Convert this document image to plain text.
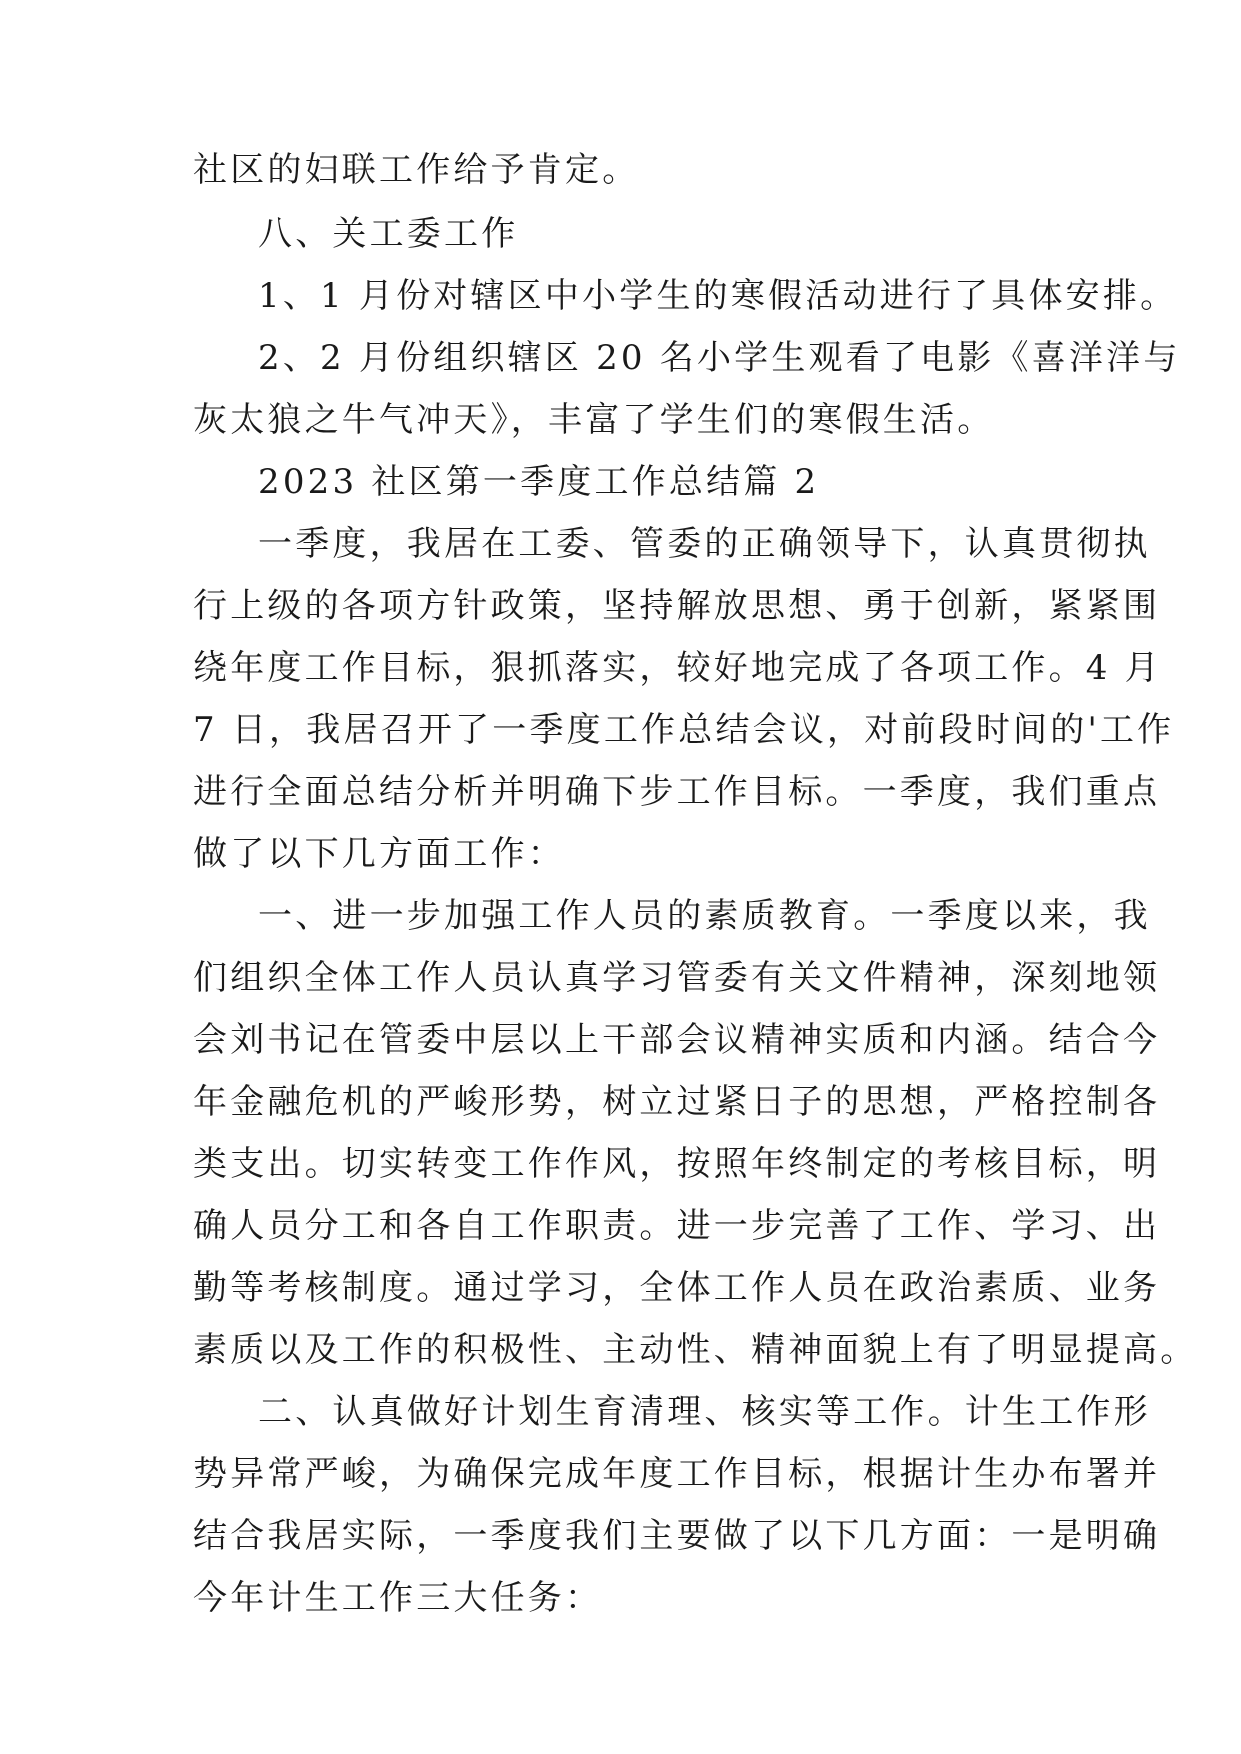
社区的妇联工作给予肯定。
八、关工委工作
1、1 月份对辖区中小学生的寒假活动进行了具体安排。
2、2 月份组织辖区 20 名小学生观看了电影《喜洋洋与
灰太狼之牛气冲天》，丰富了学生们的寒假生活。
2023 社区第一季度工作总结篇 2
一季度，我居在工委、管委的正确领导下，认真贯彻执
行上级的各项方针政策，坚持解放思想、勇于创新，紧紧围
绕年度工作目标，狠抓落实，较好地完成了各项工作。4 月
7 日，我居召开了一季度工作总结会议，对前段时间的'工作
进行全面总结分析并明确下步工作目标。一季度，我们重点
做了以下几方面工作：
一、进一步加强工作人员的素质教育。一季度以来，我
们组织全体工作人员认真学习管委有关文件精神，深刻地领
会刘书记在管委中层以上干部会议精神实质和内涵。结合今
年金融危机的严峻形势，树立过紧日子的思想，严格控制各
类支出。切实转变工作作风，按照年终制定的考核目标，明
确人员分工和各自工作职责。进一步完善了工作、学习、出
勤等考核制度。通过学习，全体工作人员在政治素质、业务
素质以及工作的积极性、主动性、精神面貌上有了明显提高。
二、认真做好计划生育清理、核实等工作。计生工作形
势异常严峻，为确保完成年度工作目标，根据计生办布署并
结合我居实际，一季度我们主要做了以下几方面：一是明确
今年计生工作三大任务：
